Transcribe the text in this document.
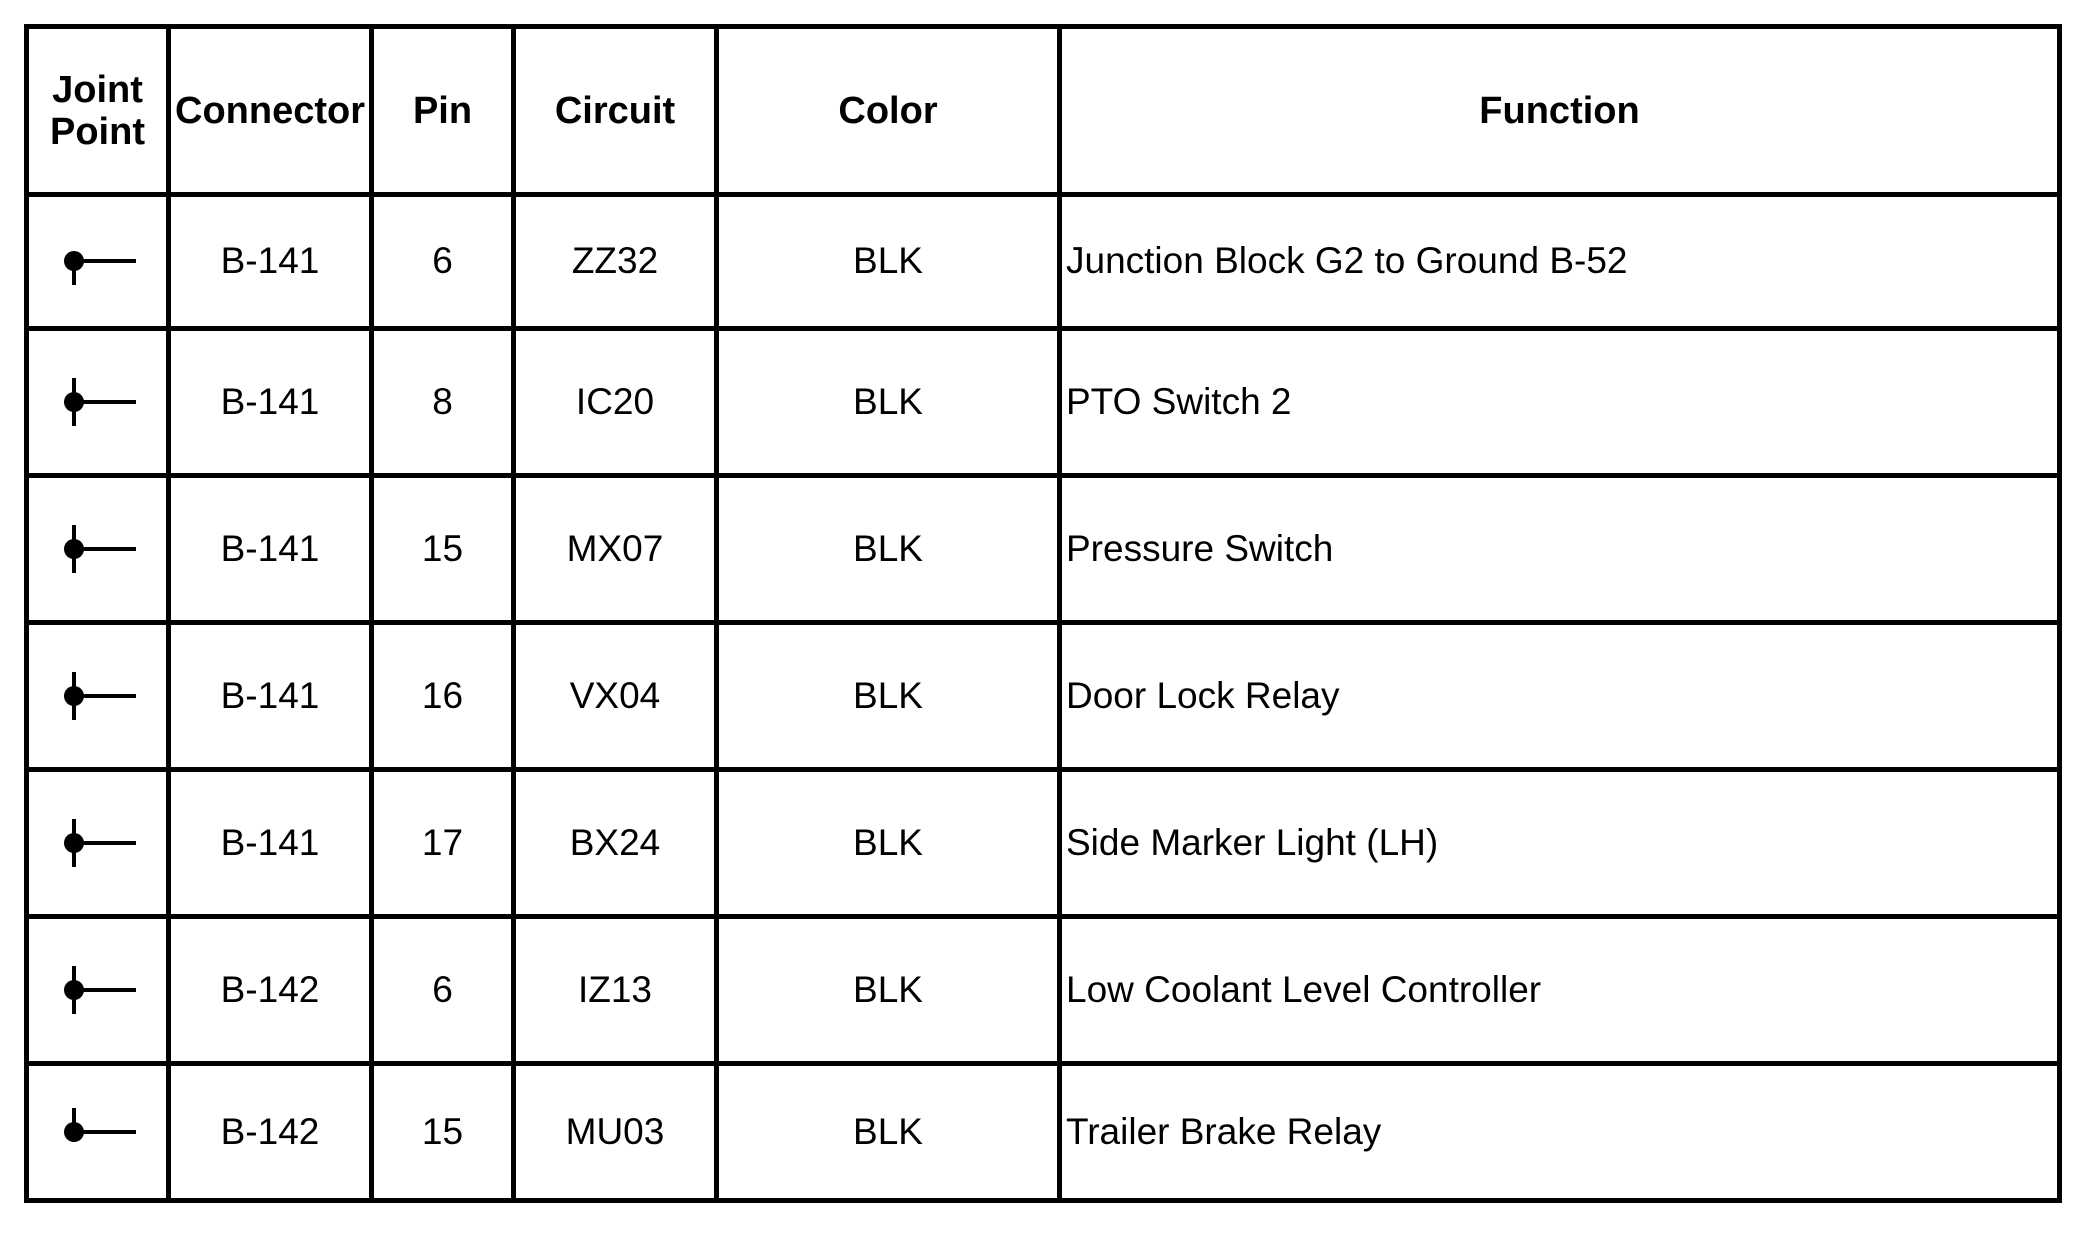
Joint Point	Connector	Pin	Circuit	Color	Function

	B-141	6	ZZ32	BLK	Junction Block G2 to Ground B-52

	B-141	8	IC20	BLK	PTO Switch 2

	B-141	15	MX07	BLK	Pressure Switch

	B-141	16	VX04	BLK	Door Lock Relay

	B-141	17	BX24	BLK	Side Marker Light (LH)

	B-142	6	IZ13	BLK	Low Coolant Level Controller

	B-142	15	MU03	BLK	Trailer Brake Relay
